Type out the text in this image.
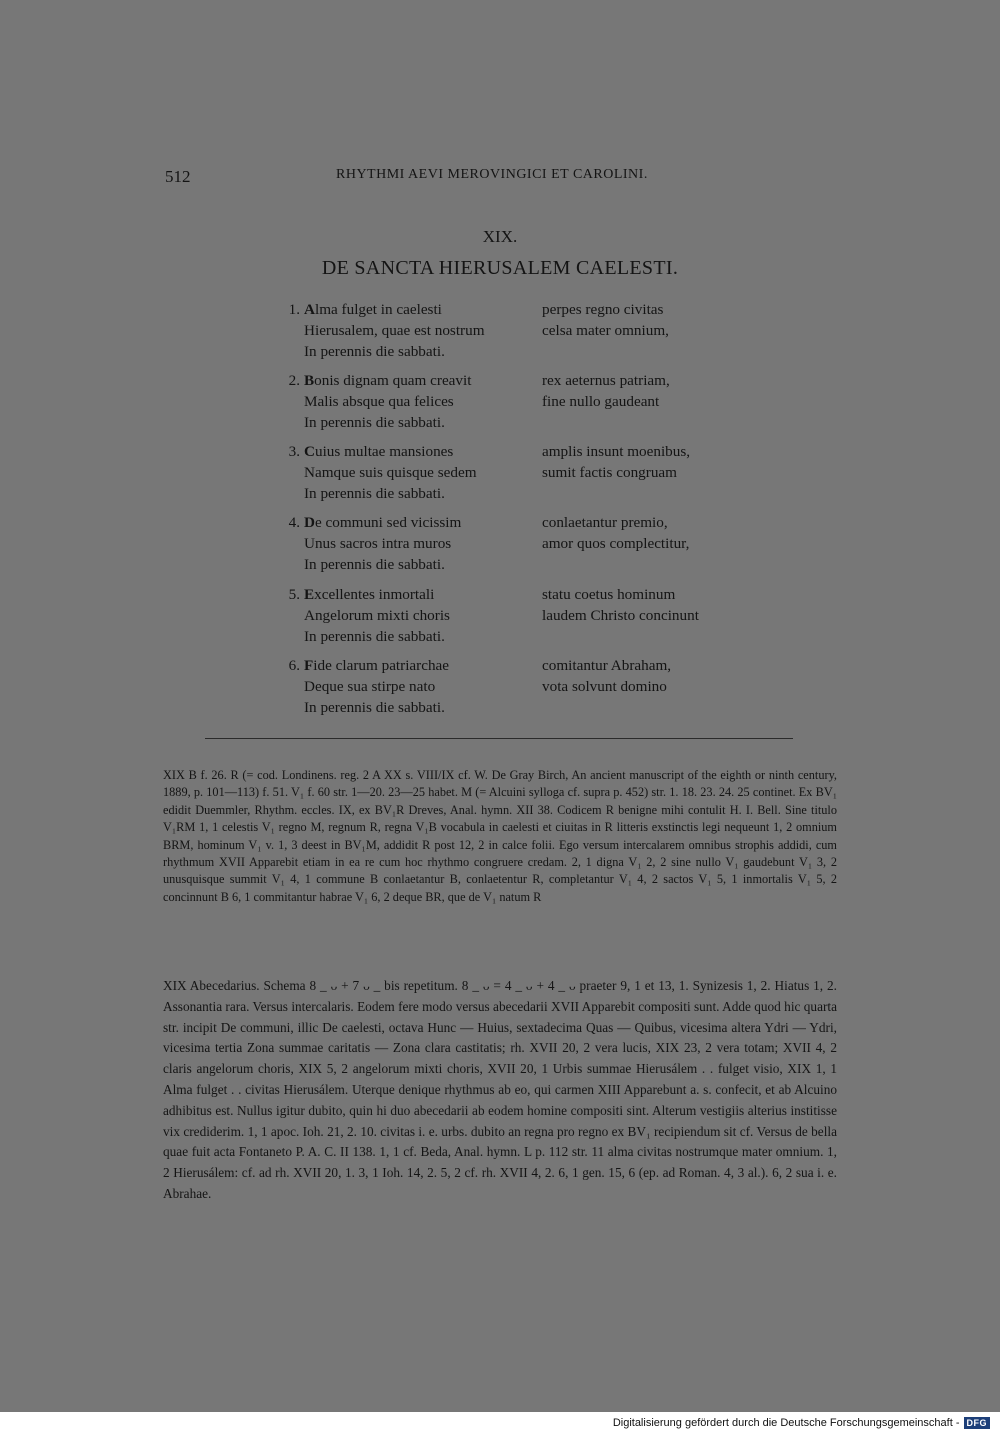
512	RHYTHMI AEVI MEROVINGICI ET CAROLINI.
XIX.
DE SANCTA HIERUSALEM CAELESTI.
1. Alma fulget in caelesti	perpes regno civitas
Hierusalem, quae est nostrum	celsa mater omnium,
In perennis die sabbati.
2. Bonis dignam quam creavit	rex aeternus patriam,
Malis absque qua felices	fine nullo gaudeant
In perennis die sabbati.
3. Cuius multae mansiones	amplis insunt moenibus,
Namque suis quisque sedem	sumit factis congruam
In perennis die sabbati.
4. De communi sed vicissim	conlaetantur premio,
Unus sacros intra muros	amor quos complectitur,
In perennis die sabbati.
5. Excellentes inmortali	statu coetus hominum
Angelorum mixti choris	laudem Christo concinunt
In perennis die sabbati.
6. Fide clarum patriarchae	comitantur Abraham,
Deque sua stirpe nato	vota solvunt domino
In perennis die sabbati.

XIX B f. 26. R (= cod. Londinens. reg. 2 A XX s. VIII/IX cf. W. De Gray Birch, An ancient manuscript of the eighth or ninth century, 1889, p. 101—113) f. 51. V₁ f. 60 str. 1—20. 23—25 habet. M (= Alcuini sylloga cf. supra p. 452) str. 1. 18. 23. 24. 25 continet. Ex BV₁ edidit Duemmler, Rhythm. eccles. IX, ex BV₁R Dreves, Anal. hymn. XII 38. Codicem R benigne mihi contulit H. I. Bell. Sine titulo V₁RM 1, 1 celestis V₁ regno M, regnum R, regna V₁B vocabula in caelesti et ciuitas in R litteris exstinctis legi nequeunt 1, 2 omnium BRM, hominum V₁ v. 1, 3 deest in BV₁M, addidit R post 12, 2 in calce folii. Ego versum intercalarem omnibus strophis addidi, cum rhythmum XVII Apparebit etiam in ea re cum hoc rhythmo congruere credam. 2, 1 digna V₁ 2, 2 sine nullo V₁ gaudebunt V₁ 3, 2 unusquisque summit V₁ 4, 1 commune B conlaetantur B, conlaetentur R, completantur V₁ 4, 2 sactos V₁ 5, 1 inmortalis V₁ 5, 2 concinnunt B 6, 1 commitantur habrae V₁ 6, 2 deque BR, que de V₁ natum R

XIX Abecedarius. Schema 8 _ ᴗ + 7 ᴗ _ bis repetitum. 8 _ ᴗ = 4 _ ᴗ + 4 _ ᴗ praeter 9, 1 et 13, 1. Synizesis 1, 2. Hiatus 1, 2. Assonantia rara. Versus intercalaris. Eodem fere modo versus abecedarii XVII Apparebit compositi sunt. Adde quod hic quarta str. incipit De communi, illic De caelesti, octava Hunc — Huius, sextadecima Quas — Quibus, vicesima altera Ydri — Ydri, vicesima tertia Zona summae caritatis — Zona clara castitatis; rh. XVII 20, 2 vera lucis, XIX 23, 2 vera totam; XVII 4, 2 claris angelorum choris, XIX 5, 2 angelorum mixti choris, XVII 20, 1 Urbis summae Hierusálem . . fulget visio, XIX 1, 1 Alma fulget . . civitas Hierusálem. Uterque denique rhythmus ab eo, qui carmen XIII Apparebunt a. s. confecit, et ab Alcuino adhibitus est. Nullus igitur dubito, quin hi duo abecedarii ab eodem homine compositi sint. Alterum vestigiis alterius institisse vix crediderim. 1, 1 apoc. Ioh. 21, 2. 10. civitas i. e. urbs. dubito an regna pro regno ex BV₁ recipiendum sit cf. Versus de bella quae fuit acta Fontaneto P. A. C. II 138. 1, 1 cf. Beda, Anal. hymn. L p. 112 str. 11 alma civitas nostrumque mater omnium. 1, 2 Hierusálem: cf. ad rh. XVII 20, 1. 3, 1 Ioh. 14, 2. 5, 2 cf. rh. XVII 4, 2. 6, 1 gen. 15, 6 (ep. ad Roman. 4, 3 al.). 6, 2 sua i. e. Abrahae.

Digitalisierung gefördert durch die Deutsche Forschungsgemeinschaft - DFG
